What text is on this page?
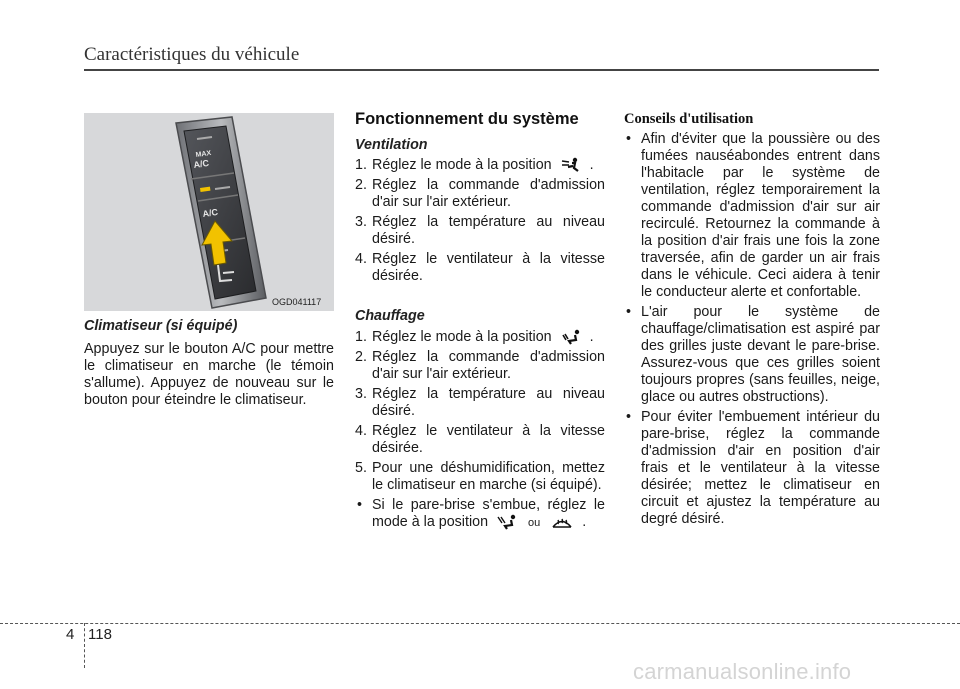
Caractéristiques du véhicule
MAX
A/C
A/C
OGD041117
Climatiseur (si équipé)
Appuyez sur le bouton A/C pour mettre le climatiseur en marche (le témoin s'allume). Appuyez de nouveau sur le bouton pour éteindre le climatiseur.
Fonctionnement du système
Ventilation
1. Réglez le mode à la position	.
2. Réglez la commande d'admission d'air sur l'air extérieur.
3. Réglez la température au niveau désiré.
4. Réglez le ventilateur à la vitesse désirée.
Chauffage
1. Réglez le mode à la position	.
2. Réglez la commande d'admission d'air sur l'air extérieur.
3. Réglez la température au niveau désiré.
4. Réglez le ventilateur à la vitesse désirée.
5. Pour une déshumidification, mettez le climatiseur en marche (si équipé).
• Si le pare-brise s'embue, réglez le mode à la position	ou	.
Conseils d'utilisation
• Afin d'éviter que la poussière ou des fumées nauséabondes entrent dans l'habitacle par le système de ventilation, réglez temporairement la commande d'admission d'air sur air recirculé. Retournez la commande à la position d'air frais une fois la zone traversée, afin de garder un air frais dans le véhicule. Ceci aidera à tenir le conducteur alerte et confortable.
• L'air pour le système de chauffage/climatisation est aspiré par des grilles juste devant le pare-brise. Assurez-vous que ces grilles soient toujours propres (sans feuilles, neige, glace ou autres obstructions).
• Pour éviter l'embuement intérieur du pare-brise, réglez la commande d'admission d'air en position d'air frais et le ventilateur à la vitesse désirée; mettez le climatiseur en circuit et ajustez la température au degré désiré.
4 118
carmanualsonline.info
